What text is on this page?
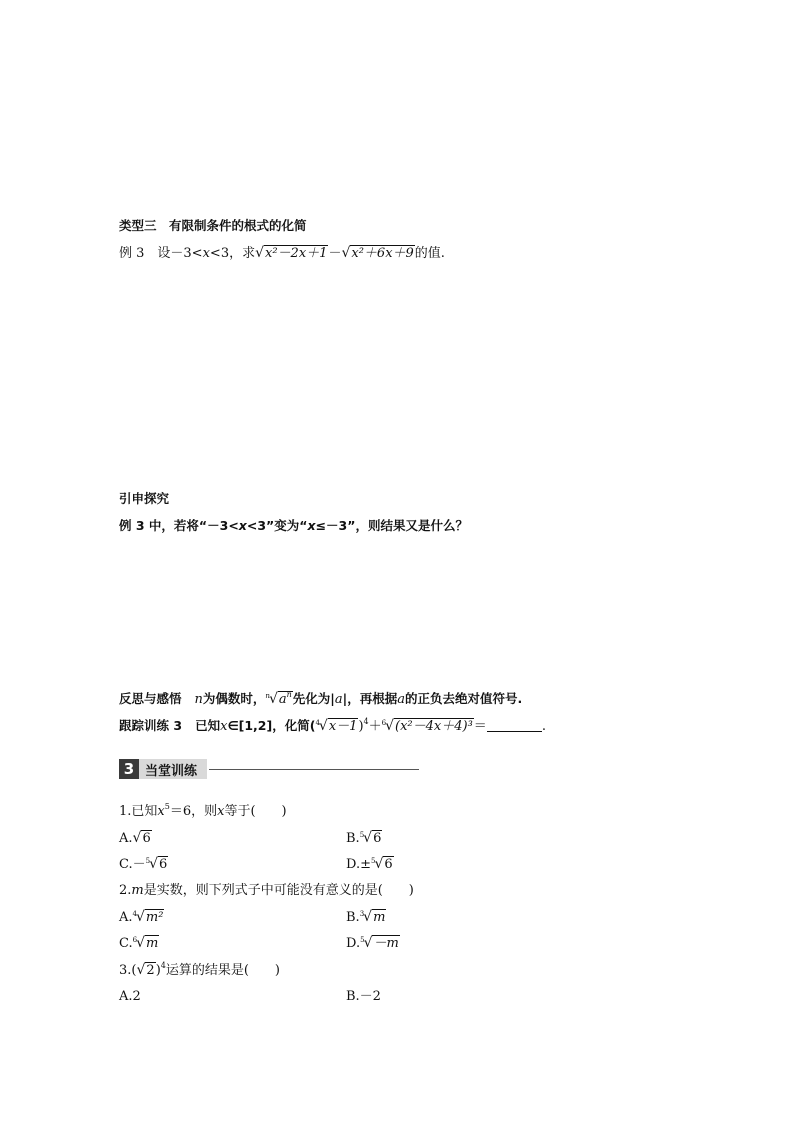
类型三　有限制条件的根式的化简
例 3　设－3<x<3，求√x²－2x＋1－√x²＋6x＋9的值.
引申探究
例 3 中，若将“－3<x<3”变为“x≤－3”，则结果又是什么？
反思与感悟　 n为偶数时，$^n√a^n$先化为|a|，再根据a的正负去绝对值符号.
跟踪训练 3　 已知x∈[1,2]，化简$(^4√x-1)^4+^6√(x^2-4x+4)^3=$	.
3 当堂训练
1.已知$x^5=6$，则x等于(　　)
A.√6	B.$^5$√6
C.－$^5$√6	D.±$^5$√6
2.m是实数，则下列式子中可能没有意义的是(　　)
A.$^4$√m²	B.$^3$√m
C.$^6$√m	D.$^5$√－m
$3.(√2)^4$运算的结果是(　　)
A.2	B.－2
